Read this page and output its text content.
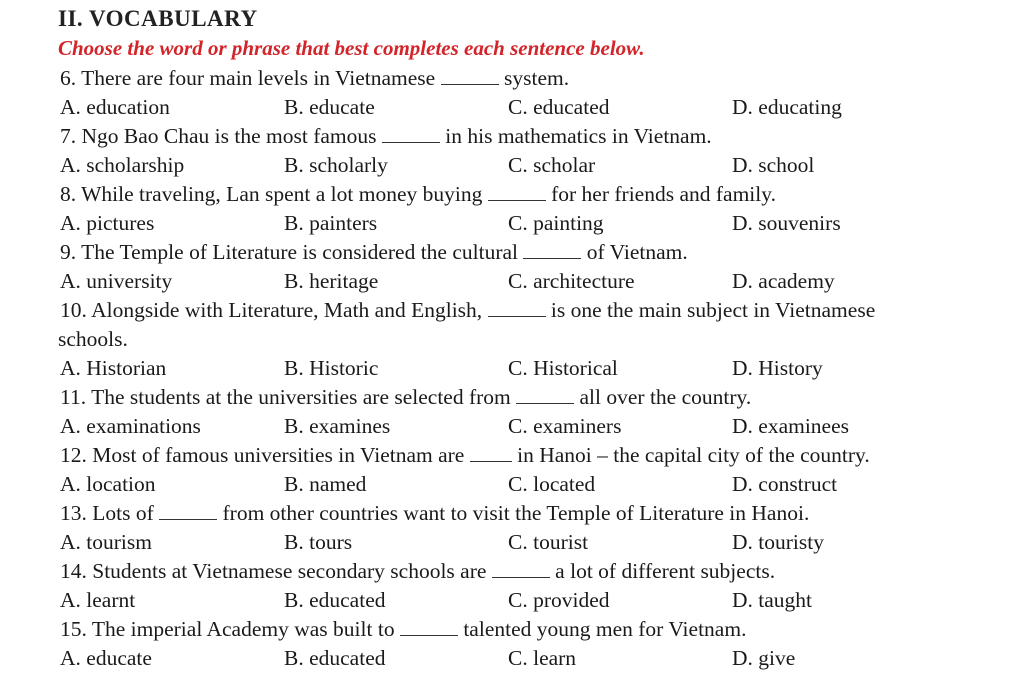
II. VOCABULARY
Choose the word or phrase that best completes each sentence below.
6. There are four main levels in Vietnamese	system.
A. education	B. educate	C. educated	D. educating
7. Ngo Bao Chau is the most famous	in his mathematics in Vietnam.
A. scholarship	B. scholarly	C. scholar	D. school
8. While traveling, Lan spent a lot money buying	for her friends and family.
A. pictures	B. painters	C. painting	D. souvenirs
9. The Temple of Literature is considered the cultural	of Vietnam.
A. university	B. heritage	C. architecture	D. academy
10. Alongside with Literature, Math and English,	is one the main subject in Vietnamese
schools.
A. Historian	B. Historic	C. Historical	D. History
11. The students at the universities are selected from	all over the country.
A. examinations	B. examines	C. examiners	D. examinees
12. Most of famous universities in Vietnam are  in Hanoi – the capital city of the country.
A. location	B. named	C. located	D. construct
13. Lots of	from other countries want to visit the Temple of Literature in Hanoi.
A. tourism	B. tours	C. tourist	D. touristy
14. Students at Vietnamese secondary schools are	a lot of different subjects.
A. learnt	B. educated	C. provided	D. taught
15. The imperial Academy was built to	talented young men for Vietnam.
A. educate	B. educated	C. learn	D. give
